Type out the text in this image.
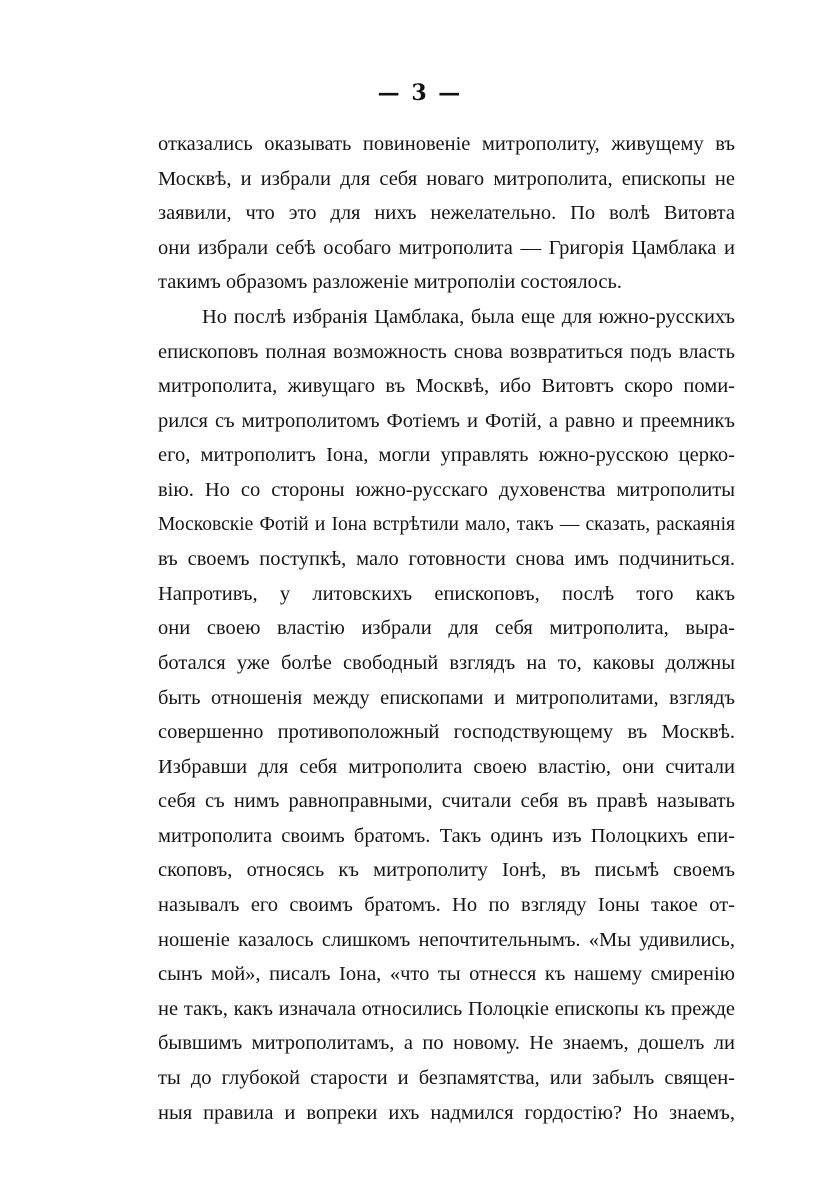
— 3 —
отказались оказывать повиновеніе митрополиту, живущему въ
Москвѣ, и избрали для себя новаго митрополита, епископы не
заявили, что это для нихъ нежелательно. По волѣ Витовта
они избрали себѣ особаго митрополита — Григорія Цамблака и
такимъ образомъ разложеніе митрополіи состоялось.
Но послѣ избранія Цамблака, была еще для южно-русскихъ
епископовъ полная возможность снова возвратиться подъ власть
митрополита, живущаго въ Москвѣ, ибо Витовтъ скоро поми-
рился съ митрополитомъ Фотіемъ и Фотій, а равно и преемникъ
его, митрополитъ Іона, могли управлять южно-русскою церко-
вію. Но со стороны южно-русскаго духовенства митрополиты
Московскіе Фотій и Іона встрѣтили мало, такъ — сказать, раскаянія
въ своемъ поступкѣ, мало готовности снова имъ подчиниться.
Напротивъ, у литовскихъ епископовъ, послѣ того какъ
они своею властію избрали для себя митрополита, выра-
ботался уже болѣе свободный взглядъ на то, каковы должны
быть отношенія между епископами и митрополитами, взглядъ
совершенно противоположный господствующему въ Москвѣ.
Избравши для себя митрополита своею властію, они считали
себя съ нимъ равноправными, считали себя въ правѣ называть
митрополита своимъ братомъ. Такъ одинъ изъ Полоцкихъ епи-
скоповъ, относясь къ митрополиту Іонѣ, въ письмѣ своемъ
называлъ его своимъ братомъ. Но по взгляду Іоны такое от-
ношеніе казалось слишкомъ непочтительнымъ. «Мы удивились,
сынъ мой», писалъ Іона, «что ты отнесся къ нашему смиренію
не такъ, какъ изначала относились Полоцкіе епископы къ прежде
бывшимъ митрополитамъ, а по новому. Не знаемъ, дошелъ ли
ты до глубокой старости и безпамятства, или забылъ священ-
ныя правила и вопреки ихъ надмился гордостію? Но знаемъ,
